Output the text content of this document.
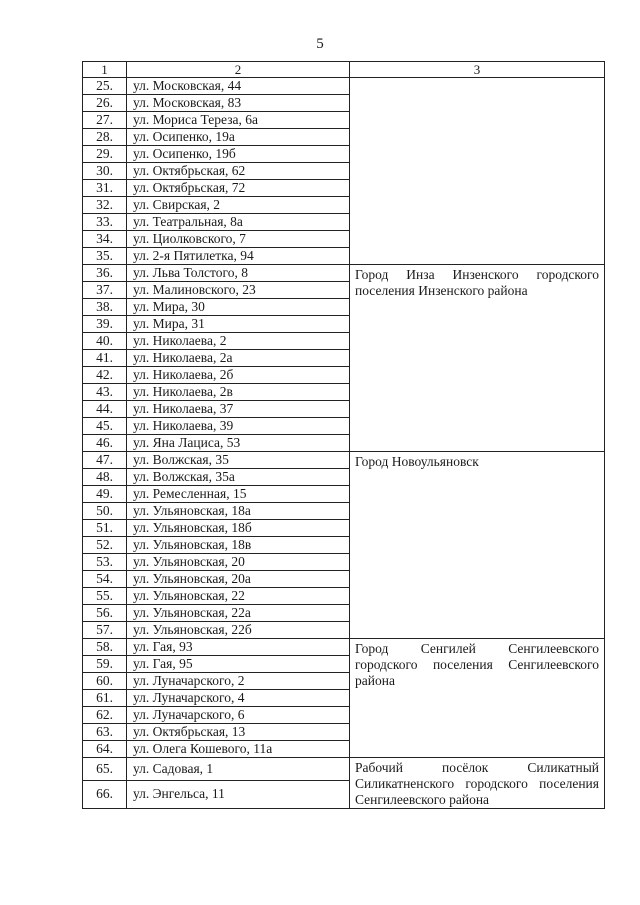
5
1	2	3
25.	ул. Московская, 44	
26.	ул. Московская, 83	
27.	ул. Мориса Тереза, 6а	
28.	ул. Осипенко, 19а	
29.	ул. Осипенко, 19б	
30.	ул. Октябрьская, 62	
31.	ул. Октябрьская, 72	
32.	ул. Свирская, 2	
33.	ул. Театральная, 8а	
34.	ул. Циолковского, 7	
35.	ул. 2-я Пятилетка, 94	
36.	ул. Льва Толстого, 8	Город Инза Инзенского городского поселения Инзенского района
37.	ул. Малиновского, 23	
38.	ул. Мира, 30	
39.	ул. Мира, 31	
40.	ул. Николаева, 2	
41.	ул. Николаева, 2а	
42.	ул. Николаева, 2б	
43.	ул. Николаева, 2в	
44.	ул. Николаева, 37	
45.	ул. Николаева, 39	
46.	ул. Яна Лациса, 53	
47.	ул. Волжская, 35	Город Новоульяновск
48.	ул. Волжская, 35а	
49.	ул. Ремесленная, 15	
50.	ул. Ульяновская, 18а	
51.	ул. Ульяновская, 18б	
52.	ул. Ульяновская, 18в	
53.	ул. Ульяновская, 20	
54.	ул. Ульяновская, 20а	
55.	ул. Ульяновская, 22	
56.	ул. Ульяновская, 22а	
57.	ул. Ульяновская, 22б	
58.	ул. Гая, 93	Город Сенгилей Сенгилеевского городского поселения Сенгилеевского района
59.	ул. Гая, 95	
60.	ул. Луначарского, 2	
61.	ул. Луначарского, 4	
62.	ул. Луначарского, 6	
63.	ул. Октябрьская, 13	
64.	ул. Олега Кошевого, 11а	
65.	ул. Садовая, 1	Рабочий посёлок Силикатный Силикатненского городского поселения Сенгилеевского района
66.	ул. Энгельса, 11	
